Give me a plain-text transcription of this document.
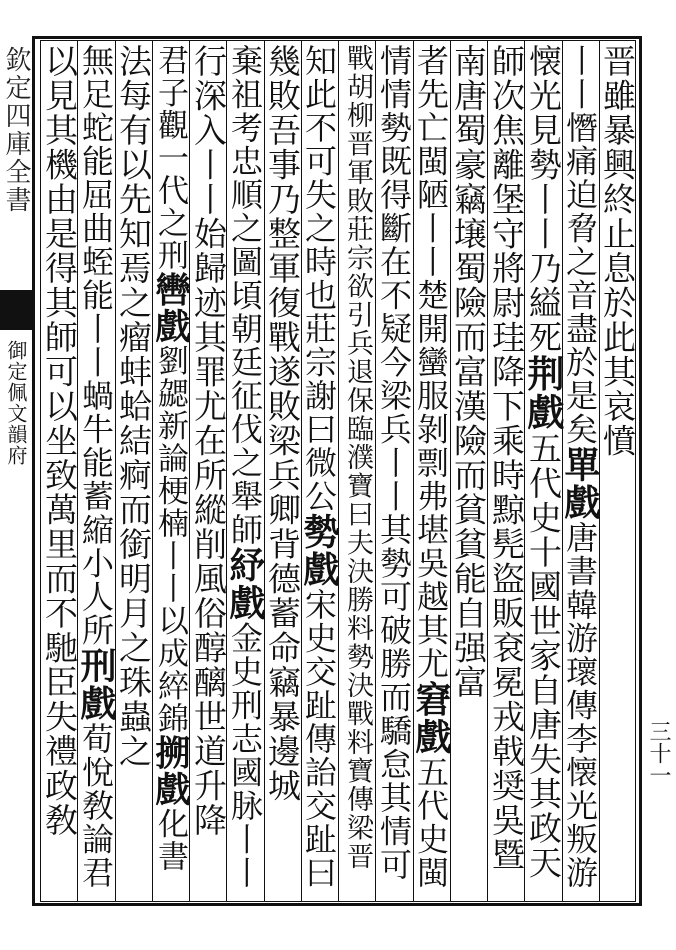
欽定四庫全書
御定佩文韻府
三十一
晋雖暴興終止息於此其哀憤
丨丨憯痛迫脅之音盡於是矣單戲唐書韓游瓌傳李懐光叛游
懐光見勢丨丨乃縊死荆戲五代史十國世家自唐失其政天
師次焦離堡守將尉珪降下乘時黥髡盜販袞冕戎戟奨吳暨
南唐蜀豪竊壌蜀險而富漢險而貧貧能自强富
者先亡閩陋丨丨楚開蠻服剝剽弗堪吳越其尤窘戲五代史閩
情情勢既得斷在不疑今梁兵丨丨其勢可破勝而驕怠其情可
戰胡柳晋軍敗莊宗欲引兵退保臨濮寶曰夫決勝料勢決戰料寶傳梁晋
知此不可失之時也莊宗謝曰微公勢戲宋史交趾傳詒交趾曰
幾敗吾事乃整軍復戰遂敗梁兵卿背德蓄命竊暴邊城
棄祖考忠順之圖頃朝廷征伐之舉師紓戲金史刑志國脉丨丨
行深入丨丨始歸迹其罪尤在所縱削風俗醇醨世道升降
君子觀一代之刑轡戲劉勰新論梗楠丨丨以成綷錦搠戲化書
法每有以先知焉之瘤蚌蛤結痾而銜明月之珠蟲之
無足蛇能屈曲蛭能丨丨蝸牛能蓄縮小人所刑戲荀悅敎論君
以見其機由是得其師可以坐致萬里而不馳臣失禮政敎
